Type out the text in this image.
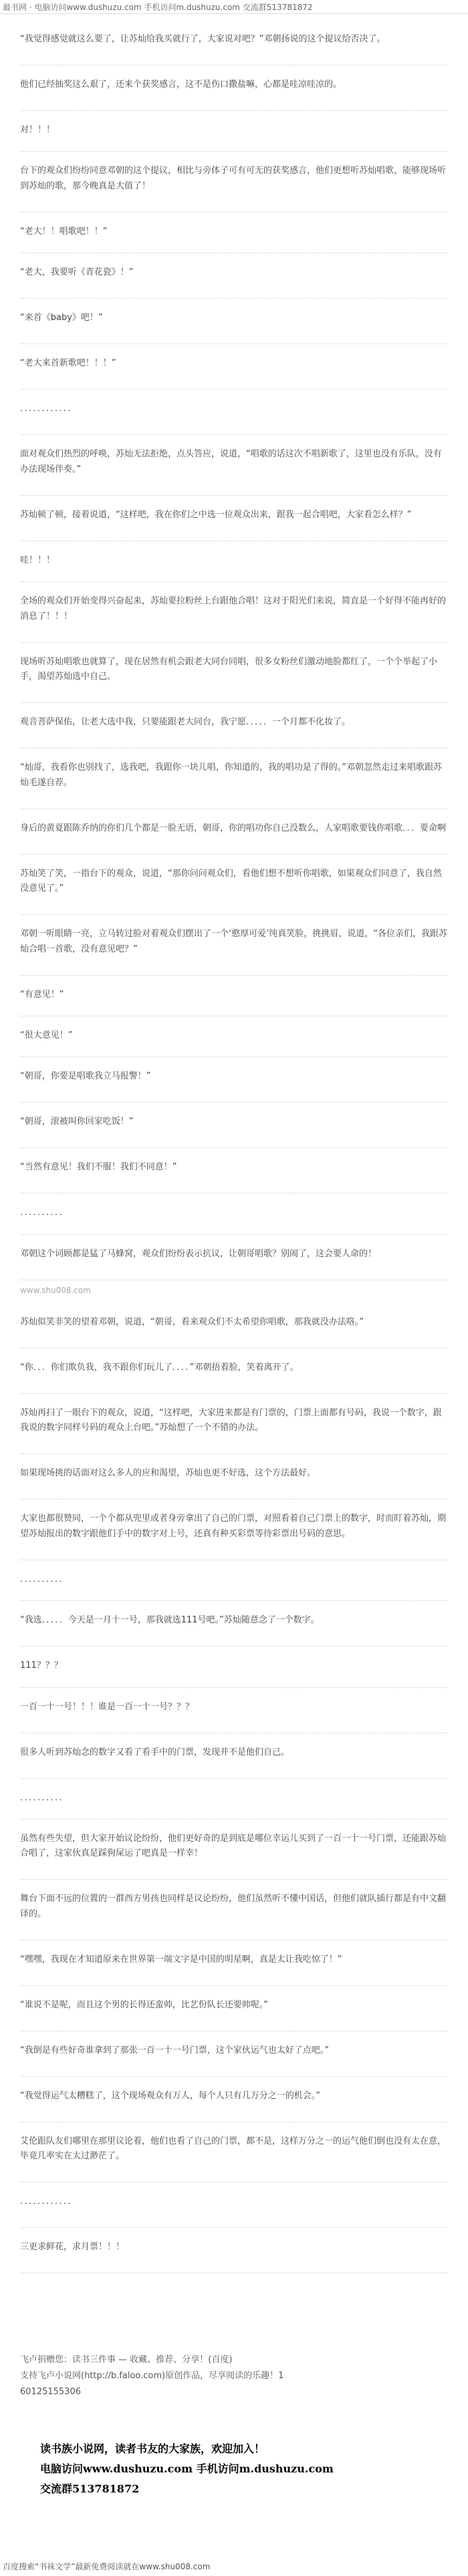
最书网 · 电脑访问www.dushuzu.com 手机访问m.dushuzu.com 交流群513781872
“我觉得感觉就这么要了，让苏灿给我买就行了，大家说对吧？”邓朝扬说的这个提议给否决了。
他们已经抽奖这么艰了，还来个获奖感言，这不是伤口撒盐嘛，心都是哇凉哇凉的。
对！！！
台下的观众们纷纷同意邓朝的这个提议，相比与旁体子可有可无的获奖感言，他们更想听苏灿唱歌，能够现场听到苏灿的歌，那今晚真是大值了！
“老大！！唱歌吧！！”
“老大，我要听《青花瓷》！”
“来首《baby》吧！”
“老大来首新歌吧！！！”
．．．．．．．．．．．．
面对观众们热烈的呼唤，苏灿无法拒绝，点头答应，说道，“唱歌的话这次不唱新歌了，这里也没有乐队，没有办法现场伴奏。”
苏灿顿了顿，接着说道，“这样吧，我在你们之中选一位观众出来，跟我一起合唱吧，大家看怎么样？”
哇！！！
全场的观众们开始变得兴奋起来，苏灿要拉粉丝上台跟他合唱！这对于阳光们来说，简直是一个好得不能再好的消息了！！！
现场听苏灿唱歌也就算了，现在居然有机会跟老大同台同唱，很多女粉丝们激动地脸都红了，一个个举起了小手，渴望苏灿选中自己。
观音菩萨保佑，让老大选中我，只要能跟老大同台，我宁愿．．．．．一个月都不化妆了。
“灿哥，我看你也别找了，选我吧，我跟你一块儿唱，你知道的，我的唱功是了得的。”邓朝忽然走过来唱歌跟苏灿毛遂自荐。
身后的黄夏跟陈乔纳的你们几个都是一脸无语，朝哥，你的唱功你自己没数么，人家唱歌要钱你唱歌．．．要命啊
苏灿笑了笑，一指台下的观众，说道，“那你问问观众们，看他们想不想听你唱歌，如果观众们同意了，我自然没意见了。”
邓朝一听眼睛一亮，立马转过脸对着观众们摆出了一个‘憨厚可爱’纯真笑脸，挑挑眉，说道，“各位亲们，我跟苏灿合唱一首歌，没有意见吧？”
“有意见！”
“很大意见！”
“朝哥，你要是唱歌我立马报警！”
“朝哥，滚被叫你回家吃饭！”
“当然有意见！我们不服！我们不同意！”
．．．．．．．．．．
邓朝这个词顾都是猛了马蜂窝，观众们纷纷表示抗议，让朝哥唱歌？别闹了，这会要人命的！
www.shu008.com
苏灿似笑非笑的望着邓朝，说道，“朝哥，看来观众们不太希望你唱歌，那我就没办法咯。”
“你．．．你们欺负我，我不跟你们玩儿了．．．．”邓朝捂着脸，笑着离开了。
苏灿再扫了一眼台下的观众，说道，“这样吧，大家进来都是有门票的，门票上面都有号码，我说一个数字，跟我说的数字同样号码的观众上台吧。”苏灿想了一个不错的办法。
如果现场挑的话面对这么多人的应和渴望，苏灿也更不好选，这个方法最好。
大家也都很赞同，一个个都从兜里或者身旁拿出了自己的门票，对照看着自己门票上的数字，时而盯着苏灿，期望苏灿报出的数字跟他们手中的数字对上号，还真有种买彩票等待彩票出号码的意思。
．．．．．．．．．．
“我选．．．．．今天是一月十一号，那我就选111号吧。”苏灿随意念了一个数字。
111？？？
一百一十一号！！！谁是一百一十一号？？？
很多人听到苏灿念的数字又看了看手中的门票，发现并不是他们自己。
．．．．．．．．．．
虽然有些失望，但大家开始议论纷纷，他们更好奇的是到底是哪位幸运儿买到了一百一十一号门票，还能跟苏灿合唱了，这家伙真是踩狗屎运了吧真是一样幸！
舞台下面不远的位置的一群西方男孩也同样是议论纷纷，他们虽然听不懂中国话，但他们就队插行都是有中文翻译的。
“嘿嘿，我现在才知道原来在世界第一端文字是中国的明星啊，真是太让我吃惊了！”
“谁说不是呢，而且这个男的长得还蛮帅，比艺份队长还要帅呢。”
“我倒是有些好奇谁拿到了那张一百一十一号门票，这个家伙运气也太好了点吧。”
“我觉得运气太糟糕了，这个现场观众有万人，每个人只有几万分之一的机会。”
艾伦跟队友们哪里在那里议论着，他们也看了自己的门票，都不是，这样万分之一的运气他们倒也没有太在意，毕竟几率实在太过渺茫了。
．．．．．．．．．．．．
三更求鲜花，求月票！！！
飞卢捐赠您：读书三件事 — 收藏、推荐、分享！(百度)
支持飞卢小说网(http://b.faloo.com)原创作品，尽享阅读的乐趣！1
60125155306
读书族小说网，读者书友的大家族，欢迎加入！
电脑访问www.dushuzu.com 手机访问m.dushuzu.com
交流群513781872
百度搜索“书袜文学”最新免费阅读就在www.shu008.com
